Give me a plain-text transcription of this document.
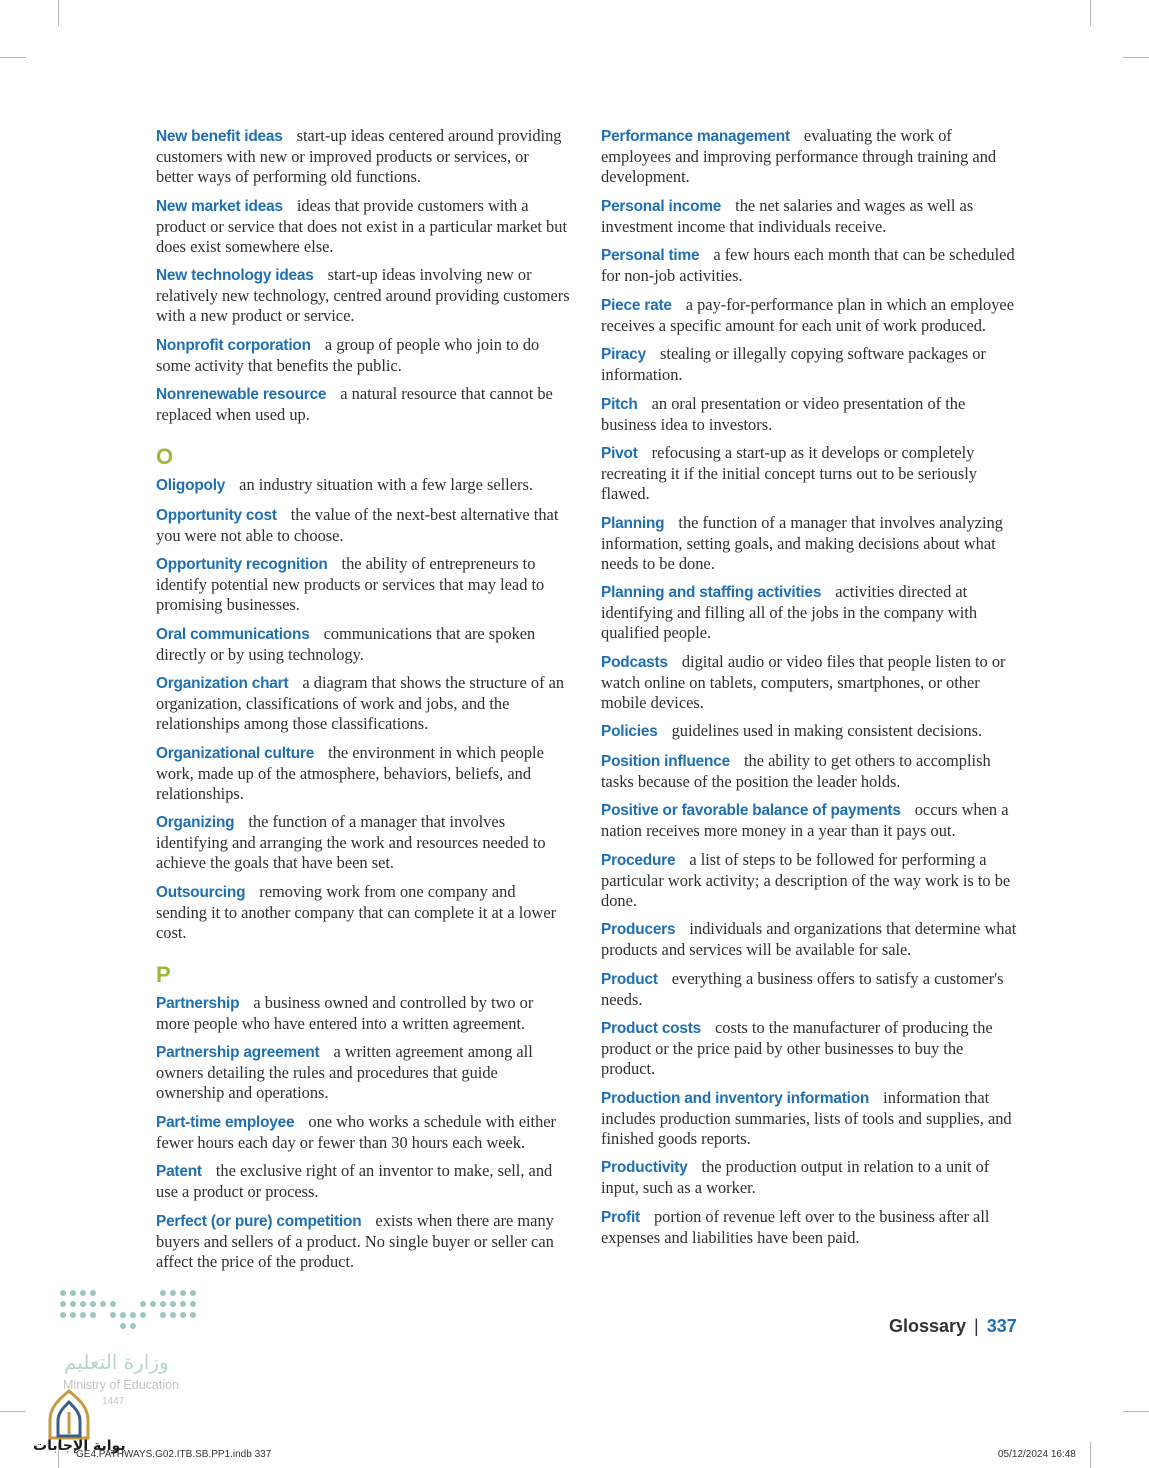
New benefit ideas start-up ideas centered around providing customers with new or improved products or services, or better ways of performing old functions.

New market ideas ideas that provide customers with a product or service that does not exist in a particular market but does exist somewhere else.

New technology ideas start-up ideas involving new or relatively new technology, centred around providing customers with a new product or service.

Nonprofit corporation a group of people who join to do some activity that benefits the public.

Nonrenewable resource a natural resource that cannot be replaced when used up.

O

Oligopoly an industry situation with a few large sellers.

Opportunity cost the value of the next-best alternative that you were not able to choose.

Opportunity recognition the ability of entrepreneurs to identify potential new products or services that may lead to promising businesses.

Oral communications communications that are spoken directly or by using technology.

Organization chart a diagram that shows the structure of an organization, classifications of work and jobs, and the relationships among those classifications.

Organizational culture the environment in which people work, made up of the atmosphere, behaviors, beliefs, and relationships.

Organizing the function of a manager that involves identifying and arranging the work and resources needed to achieve the goals that have been set.

Outsourcing removing work from one company and sending it to another company that can complete it at a lower cost.

P

Partnership a business owned and controlled by two or more people who have entered into a written agreement.

Partnership agreement a written agreement among all owners detailing the rules and procedures that guide ownership and operations.

Part-time employee one who works a schedule with either fewer hours each day or fewer than 30 hours each week.

Patent the exclusive right of an inventor to make, sell, and use a product or process.

Perfect (or pure) competition exists when there are many buyers and sellers of a product. No single buyer or seller can affect the price of the product.

Performance management evaluating the work of employees and improving performance through training and development.

Personal income the net salaries and wages as well as investment income that individuals receive.

Personal time a few hours each month that can be scheduled for non-job activities.

Piece rate a pay-for-performance plan in which an employee receives a specific amount for each unit of work produced.

Piracy stealing or illegally copying software packages or information.

Pitch an oral presentation or video presentation of the business idea to investors.

Pivot refocusing a start-up as it develops or completely recreating it if the initial concept turns out to be seriously flawed.

Planning the function of a manager that involves analyzing information, setting goals, and making decisions about what needs to be done.

Planning and staffing activities activities directed at identifying and filling all of the jobs in the company with qualified people.

Podcasts digital audio or video files that people listen to or watch online on tablets, computers, smartphones, or other mobile devices.

Policies guidelines used in making consistent decisions.

Position influence the ability to get others to accomplish tasks because of the position the leader holds.

Positive or favorable balance of payments occurs when a nation receives more money in a year than it pays out.

Procedure a list of steps to be followed for performing a particular work activity; a description of the way work is to be done.

Producers individuals and organizations that determine what products and services will be available for sale.

Product everything a business offers to satisfy a customer's needs.

Product costs costs to the manufacturer of producing the product or the price paid by other businesses to buy the product.

Production and inventory information information that includes production summaries, lists of tools and supplies, and finished goods reports.

Productivity the production output in relation to a unit of input, such as a worker.

Profit portion of revenue left over to the business after all expenses and liabilities have been paid.

Glossary | 337
وزارة التعليم
Ministry of Education
1447
بوابة الإجابات
GE4.PATHWAYS.G02.ITB.SB.PP1.indb 337	05/12/2024 16:48
